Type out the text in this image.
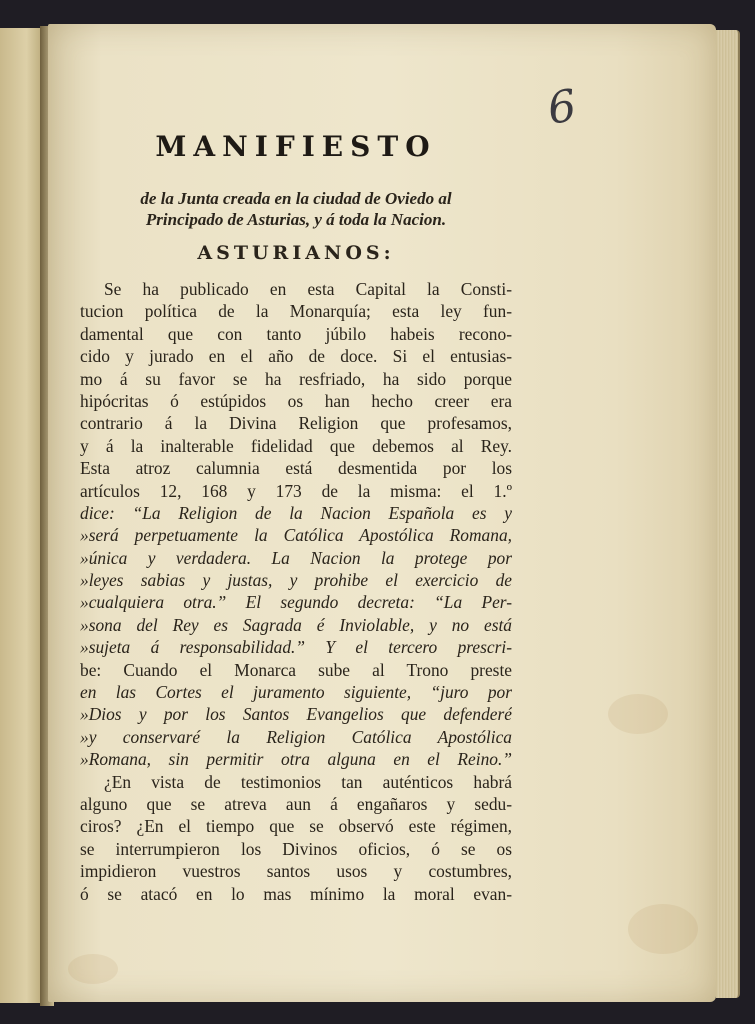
6
MANIFIESTO
de la Junta creada en la ciudad de Oviedo al
Principado de Asturias, y á toda la Nacion.
ASTURIANOS:
Se ha publicado en esta Capital la Consti-
tucion política de la Monarquía; esta ley fun-
damental que con tanto júbilo habeis recono-
cido y jurado en el año de doce. Si el entusias-
mo á su favor se ha resfriado, ha sido porque
hipócritas ó estúpidos os han hecho creer era
contrario á la Divina Religion que profesamos,
y á la inalterable fidelidad que debemos al Rey.
Esta atroz calumnia está desmentida por los
artículos 12, 168 y 173 de la misma: el 1.º
dice: “La Religion de la Nacion Española es y
»será perpetuamente la Católica Apostólica Romana,
»única y verdadera. La Nacion la protege por
»leyes sabias y justas, y prohibe el exercicio de
»cualquiera otra.” El segundo decreta: “La Per-
»sona del Rey es Sagrada é Inviolable, y no está
»sujeta á responsabilidad.” Y el tercero prescri-
be: Cuando el Monarca sube al Trono preste
en las Cortes el juramento siguiente, “juro por
»Dios y por los Santos Evangelios que defenderé
»y conservaré la Religion Católica Apostólica
»Romana, sin permitir otra alguna en el Reino.”
¿En vista de testimonios tan auténticos habrá
alguno que se atreva aun á engañaros y sedu-
ciros? ¿En el tiempo que se observó este régimen,
se interrumpieron los Divinos oficios, ó se os
impidieron vuestros santos usos y costumbres,
ó se atacó en lo mas mínimo la moral evan-
